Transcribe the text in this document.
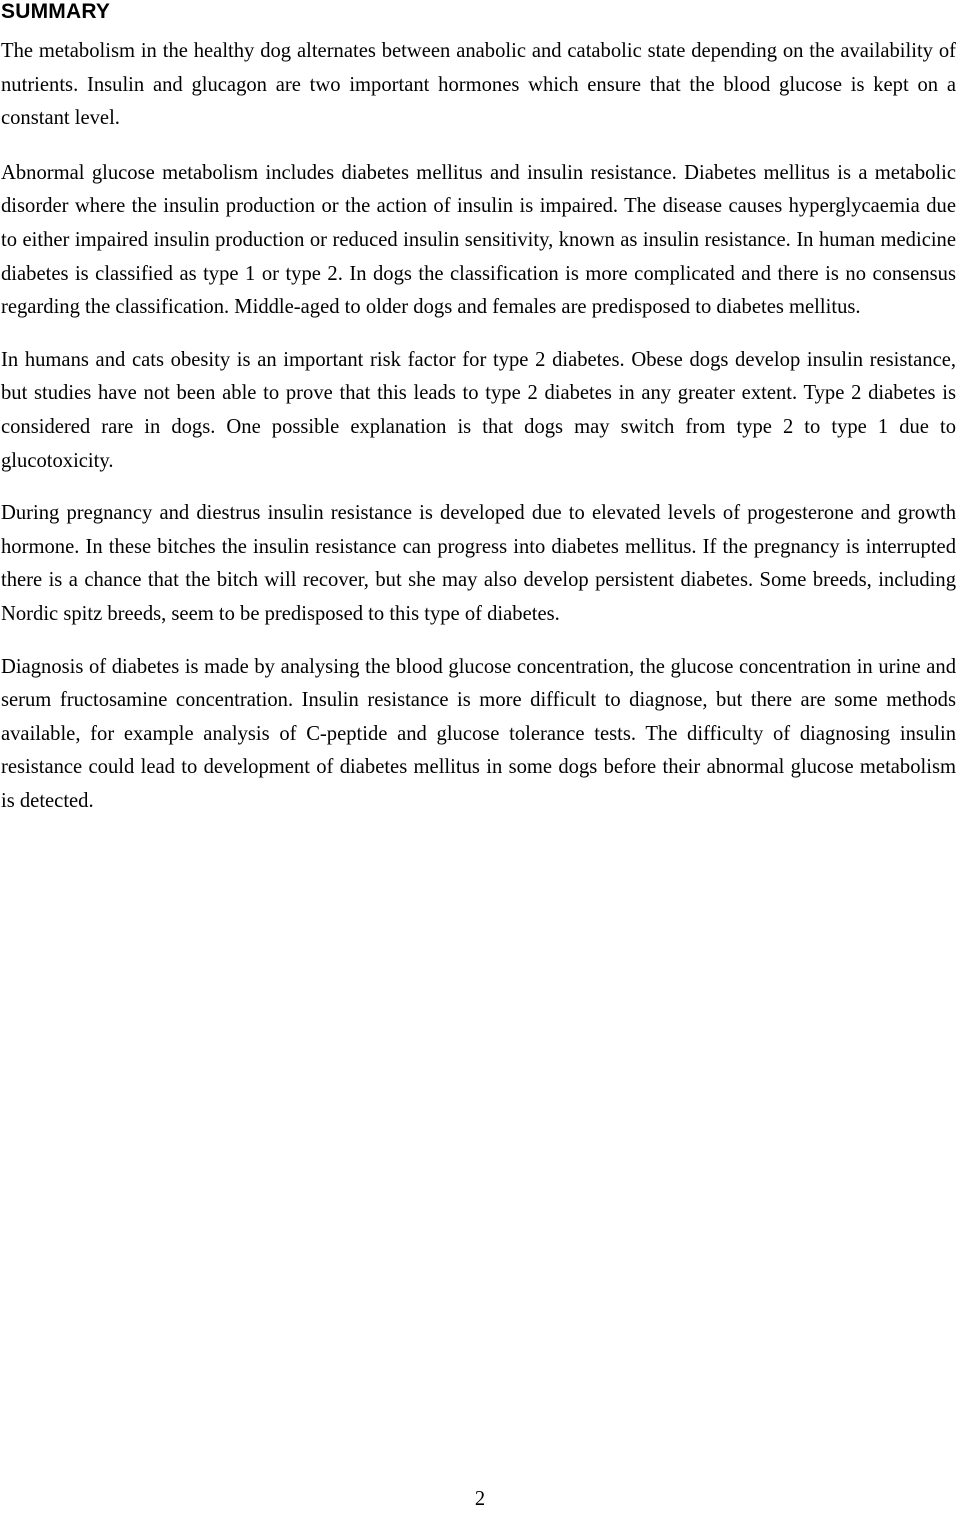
SUMMARY

The metabolism in the healthy dog alternates between anabolic and catabolic state depending on the availability of nutrients. Insulin and glucagon are two important hormones which ensure that the blood glucose is kept on a constant level.

Abnormal glucose metabolism includes diabetes mellitus and insulin resistance. Diabetes mellitus is a metabolic disorder where the insulin production or the action of insulin is impaired. The disease causes hyperglycaemia due to either impaired insulin production or reduced insulin sensitivity, known as insulin resistance. In human medicine diabetes is classified as type 1 or type 2. In dogs the classification is more complicated and there is no consensus regarding the classification. Middle-aged to older dogs and females are predisposed to diabetes mellitus.

In humans and cats obesity is an important risk factor for type 2 diabetes. Obese dogs develop insulin resistance, but studies have not been able to prove that this leads to type 2 diabetes in any greater extent. Type 2 diabetes is considered rare in dogs. One possible explanation is that dogs may switch from type 2 to type 1 due to glucotoxicity.

During pregnancy and diestrus insulin resistance is developed due to elevated levels of progesterone and growth hormone. In these bitches the insulin resistance can progress into diabetes mellitus. If the pregnancy is interrupted there is a chance that the bitch will recover, but she may also develop persistent diabetes. Some breeds, including Nordic spitz breeds, seem to be predisposed to this type of diabetes.

Diagnosis of diabetes is made by analysing the blood glucose concentration, the glucose concentration in urine and serum fructosamine concentration. Insulin resistance is more difficult to diagnose, but there are some methods available, for example analysis of C-peptide and glucose tolerance tests. The difficulty of diagnosing insulin resistance could lead to development of diabetes mellitus in some dogs before their abnormal glucose metabolism is detected.

2
